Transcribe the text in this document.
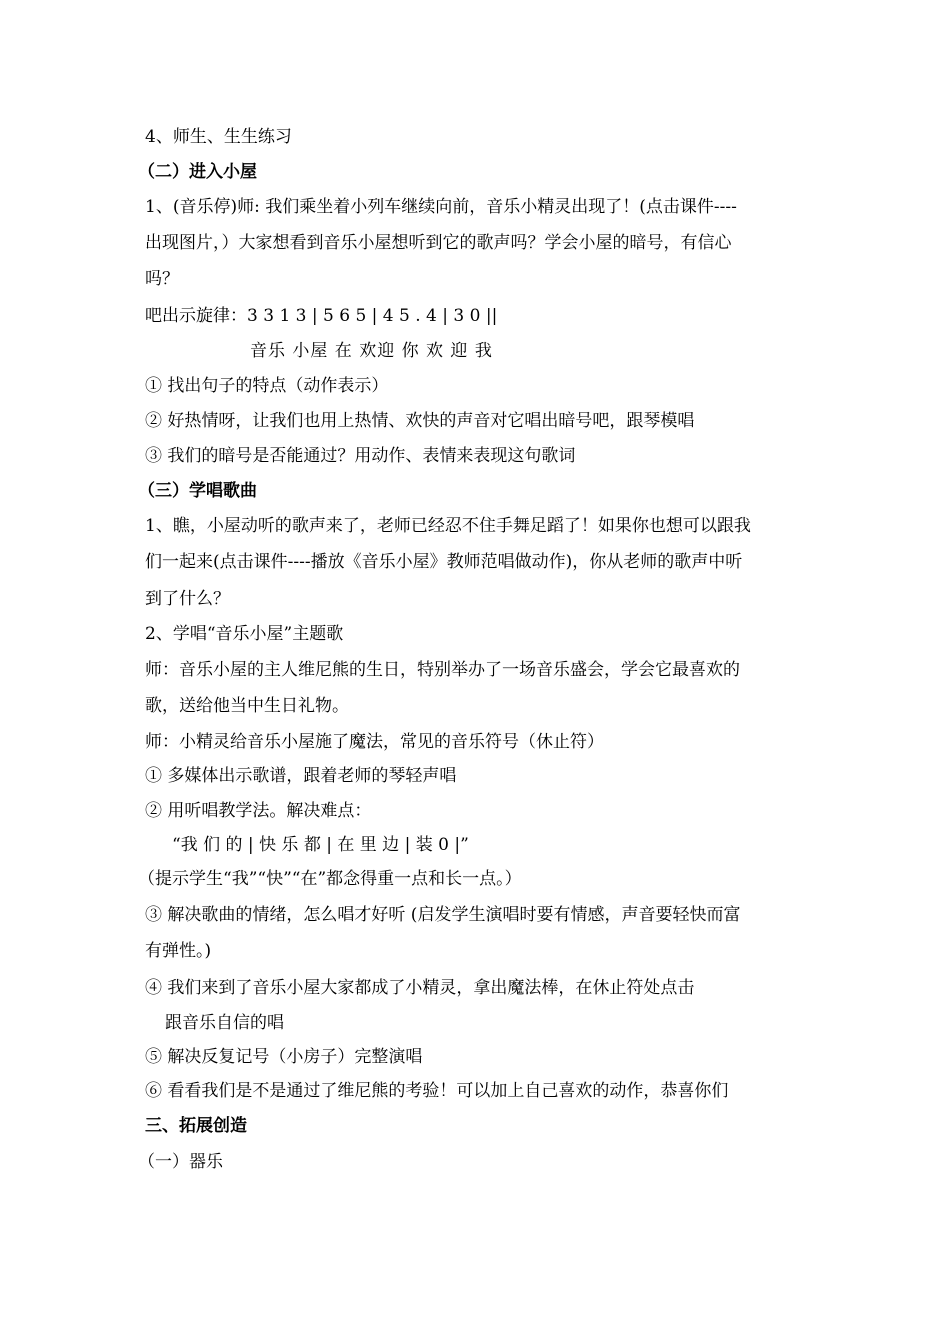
4、师生、生生练习
（二）进入小屋
1、(音乐停)师: 我们乘坐着小列车继续向前，音乐小精灵出现了！(点击课件----
出现图片，）大家想看到音乐小屋想听到它的歌声吗？学会小屋的暗号，有信心
吗？
吧出示旋律：3 3 1 3 | 5 6 5 | 4 5 . 4 | 3 0 ||
音乐 小屋 在 欢迎 你 欢 迎 我
① 找出句子的特点（动作表示）
② 好热情呀，让我们也用上热情、欢快的声音对它唱出暗号吧，跟琴模唱
③ 我们的暗号是否能通过？用动作、表情来表现这句歌词
（三）学唱歌曲
1、瞧，小屋动听的歌声来了，老师已经忍不住手舞足蹈了！如果你也想可以跟我
们一起来(点击课件----播放《音乐小屋》教师范唱做动作)，你从老师的歌声中听
到了什么？
2、学唱“音乐小屋”主题歌
师：音乐小屋的主人维尼熊的生日，特别举办了一场音乐盛会，学会它最喜欢的
歌，送给他当中生日礼物。
师：小精灵给音乐小屋施了魔法，常见的音乐符号（休止符）
① 多媒体出示歌谱，跟着老师的琴轻声唱
② 用听唱教学法。解决难点：
“我 们 的 | 快 乐 都 | 在 里 边 | 装 0 |”
（提示学生“我”“快”“在”都念得重一点和长一点。）
③ 解决歌曲的情绪，怎么唱才好听 (启发学生演唱时要有情感，声音要轻快而富
有弹性。)
④ 我们来到了音乐小屋大家都成了小精灵，拿出魔法棒，在休止符处点击
跟音乐自信的唱
⑤ 解决反复记号（小房子）完整演唱
⑥ 看看我们是不是通过了维尼熊的考验！可以加上自己喜欢的动作，恭喜你们
三、拓展创造
（一）器乐
